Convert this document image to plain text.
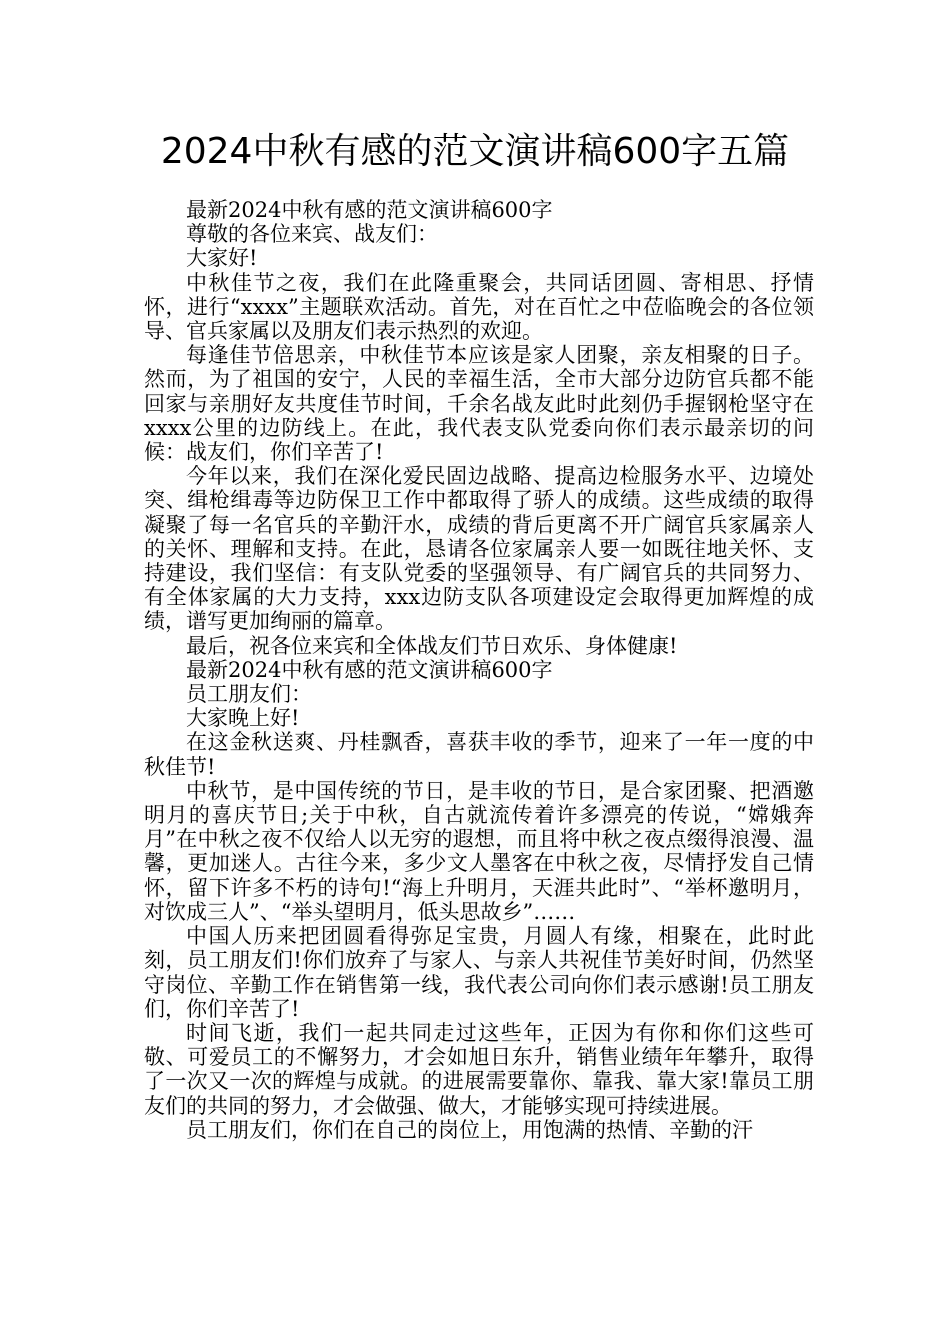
2024中秋有感的范文演讲稿600字五篇

最新2024中秋有感的范文演讲稿600字

尊敬的各位来宾、战友们：

大家好!

中秋佳节之夜，我们在此隆重聚会，共同话团圆、寄相思、抒情怀，进行“xxxx”主题联欢活动。首先，对在百忙之中莅临晚会的各位领导、官兵家属以及朋友们表示热烈的欢迎。

每逢佳节倍思亲，中秋佳节本应该是家人团聚，亲友相聚的日子。然而，为了祖国的安宁，人民的幸福生活，全市大部分边防官兵都不能回家与亲朋好友共度佳节时间，千余名战友此时此刻仍手握钢枪坚守在xxxx公里的边防线上。在此，我代表支队党委向你们表示最亲切的问候：战友们，你们辛苦了!

今年以来，我们在深化爱民固边战略、提高边检服务水平、边境处突、缉枪缉毒等边防保卫工作中都取得了骄人的成绩。这些成绩的取得凝聚了每一名官兵的辛勤汗水，成绩的背后更离不开广阔官兵家属亲人的关怀、理解和支持。在此，恳请各位家属亲人要一如既往地关怀、支持建设，我们坚信：有支队党委的坚强领导、有广阔官兵的共同努力、有全体家属的大力支持，xxx边防支队各项建设定会取得更加辉煌的成绩，谱写更加绚丽的篇章。

最后，祝各位来宾和全体战友们节日欢乐、身体健康!

最新2024中秋有感的范文演讲稿600字

员工朋友们：

大家晚上好!

在这金秋送爽、丹桂飘香，喜获丰收的季节，迎来了一年一度的中秋佳节!

中秋节，是中国传统的节日，是丰收的节日，是合家团聚、把酒邀明月的喜庆节日;关于中秋，自古就流传着许多漂亮的传说，“嫦娥奔月”在中秋之夜不仅给人以无穷的遐想，而且将中秋之夜点缀得浪漫、温馨，更加迷人。古往今来，多少文人墨客在中秋之夜，尽情抒发自己情怀，留下许多不朽的诗句!“海上升明月，天涯共此时”、“举杯邀明月，对饮成三人”、“举头望明月，低头思故乡”……

中国人历来把团圆看得弥足宝贵，月圆人有缘，相聚在，此时此刻，员工朋友们!你们放弃了与家人、与亲人共祝佳节美好时间，仍然坚守岗位、辛勤工作在销售第一线，我代表公司向你们表示感谢!员工朋友们，你们辛苦了!

时间飞逝，我们一起共同走过这些年，正因为有你和你们这些可敬、可爱员工的不懈努力，才会如旭日东升，销售业绩年年攀升，取得了一次又一次的辉煌与成就。的进展需要靠你、靠我、靠大家!靠员工朋友们的共同的努力，才会做强、做大，才能够实现可持续进展。

员工朋友们，你们在自己的岗位上，用饱满的热情、辛勤的汗
